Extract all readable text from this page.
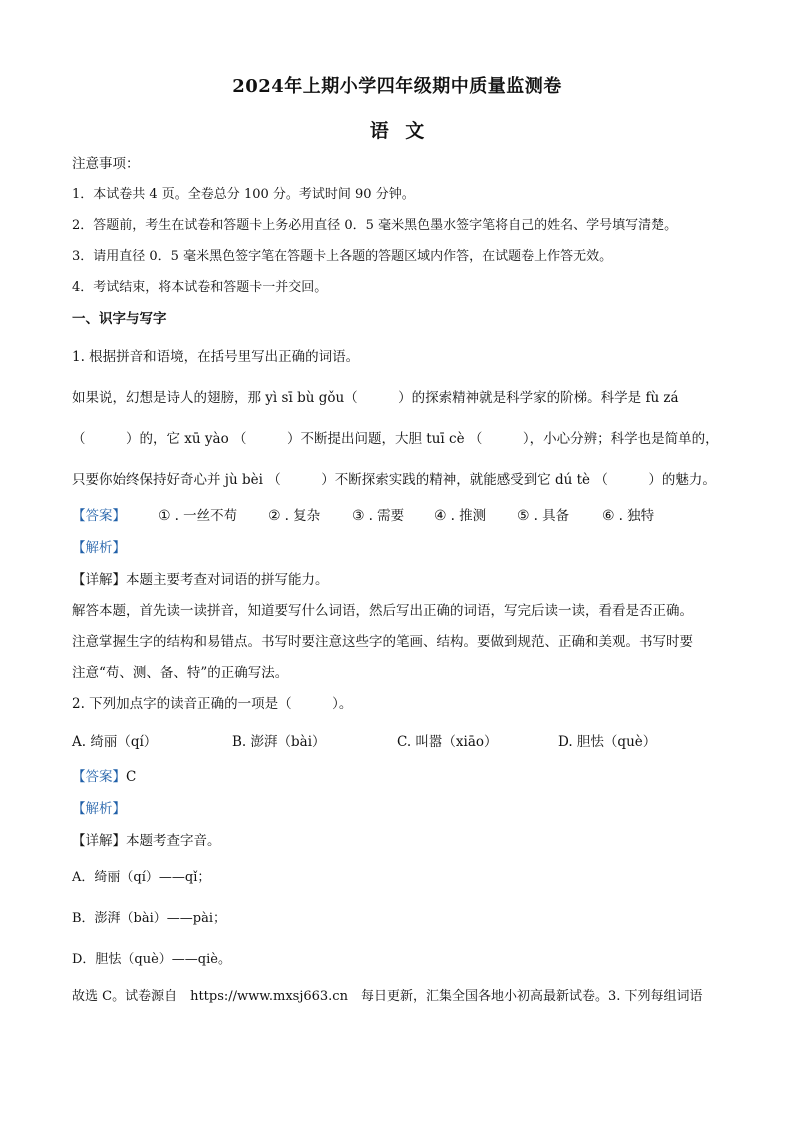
2024年上期小学四年级期中质量监测卷
语 文
注意事项：
1．本试卷共 4 页。全卷总分 100 分。考试时间 90 分钟。
2．答题前，考生在试卷和答题卡上务必用直径 0．5 毫米黑色墨水签字笔将自己的姓名、学号填写清楚。
3．请用直径 0．5 毫米黑色签字笔在答题卡上各题的答题区域内作答，在试题卷上作答无效。
4．考试结束，将本试卷和答题卡一并交回。
一、识字与写字
1. 根据拼音和语境，在括号里写出正确的词语。
如果说，幻想是诗人的翅膀，那 yì sī bù gǒu（　　　）的探索精神就是科学家的阶梯。科学是 fù zá
（　　　）的，它 xū yào （　　　）不断提出问题，大胆 tuī cè （　　　），小心分辨；科学也是简单的，
只要你始终保持好奇心并 jù bèi （　　　）不断探索实践的精神，就能感受到它 dú tè （　　　）的魅力。
【答案】 ① . 一丝不苟 ② . 复杂 ③ . 需要 ④ . 推测 ⑤ . 具备 ⑥ . 独特
【解析】
【详解】本题主要考查对词语的拼写能力。
解答本题，首先读一读拼音，知道要写什么词语，然后写出正确的词语，写完后读一读，看看是否正确。
注意掌握生字的结构和易错点。书写时要注意这些字的笔画、结构。要做到规范、正确和美观。书写时要
注意“苟、测、备、特”的正确写法。
2. 下列加点字的读音正确的一项是（　　　）。
A. 绮丽（qí）	B. 澎湃（bài）	C. 叫嚣（xiāo）	D. 胆怯（què）
【答案】C
【解析】
【详解】本题考查字音。
A．绮丽（qí）——qǐ；
B．澎湃（bài）——pài；
D．胆怯（què）——qiè。
故选 C。试卷源自　https://www.mxsj663.cn　每日更新，汇集全国各地小初高最新试卷。3. 下列每组词语
